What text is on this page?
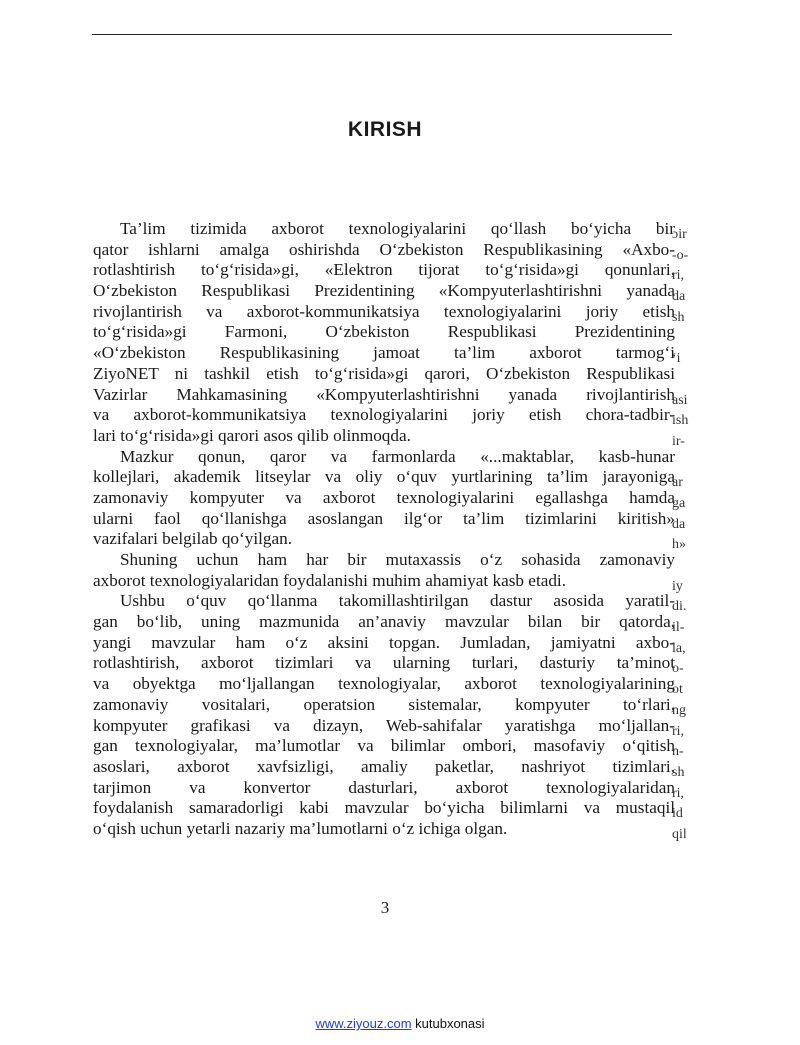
KIRISH
Ta’lim tizimida axborot texnologiyalarini qo‘llash bo‘yicha bir
qator ishlarni amalga oshirishda O‘zbekiston Respublikasining «Axbo-
rotlashtirish to‘g‘risida»gi, «Elektron tijorat to‘g‘risida»gi qonunlari,
O‘zbekiston Respublikasi Prezidentining «Kompyuterlashtirishni yanada
rivojlantirish va axborot-kommunikatsiya texnologiyalarini joriy etish
to‘g‘risida»gi Farmoni, O‘zbekiston Respublikasi Prezidentining
«O‘zbekiston Respublikasining jamoat ta’lim axborot tarmog‘i
ZiyoNET ni tashkil etish to‘g‘risida»gi qarori, O‘zbekiston Respublikasi
Vazirlar Mahkamasining «Kompyuterlashtirishni yanada rivojlantirish
va axborot-kommunikatsiya texnologiyalarini joriy etish chora-tadbir-
lari to‘g‘risida»gi qarori asos qilib olinmoqda.
Mazkur qonun, qaror va farmonlarda «...maktablar, kasb-hunar
kollejlari, akademik litseylar va oliy o‘quv yurtlarining ta’lim jarayoniga
zamonaviy kompyuter va axborot texnologiyalarini egallashga hamda
ularni faol qo‘llanishga asoslangan ilg‘or ta’lim tizimlarini kiritish»
vazifalari belgilab qo‘yilgan.
Shuning uchun ham har bir mutaxassis o‘z sohasida zamonaviy
axborot texnologiyalaridan foydalanishi muhim ahamiyat kasb etadi.
Ushbu o‘quv qo‘llanma takomillashtirilgan dastur asosida yaratil-
gan bo‘lib, uning mazmunida an’anaviy mavzular bilan bir qatorda,
yangi mavzular ham o‘z aksini topgan. Jumladan, jamiyatni axbo-
rotlashtirish, axborot tizimlari va ularning turlari, dasturiy ta’minot
va obyektga mo‘ljallangan texnologiyalar, axborot texnologiyalarining
zamonaviy vositalari, operatsion sistemalar, kompyuter to‘rlari,
kompyuter grafikasi va dizayn, Web-sahifalar yaratishga mo‘ljallan-
gan texnologiyalar, ma’lumotlar va bilimlar ombori, masofaviy o‘qitish
asoslari, axborot xavfsizligi, amaliy paketlar, nashriyot tizimlari,
tarjimon va konvertor dasturlari, axborot texnologiyalaridan
foydalanish samaradorligi kabi mavzular bo‘yicha bilimlarni va mustaqil
o‘qish uchun yetarli nazariy ma’lumotlarni o‘z ichiga olgan.
ɔir
-o-
ri,
da
sh
‘i
asi
ish
ir-
ar
ga
da
h»
iy
di.
il-
la,
o-
ot
ng
ri,
n-
sh
ri,
id
qil
3
www.ziyouz.com kutubxonasi
